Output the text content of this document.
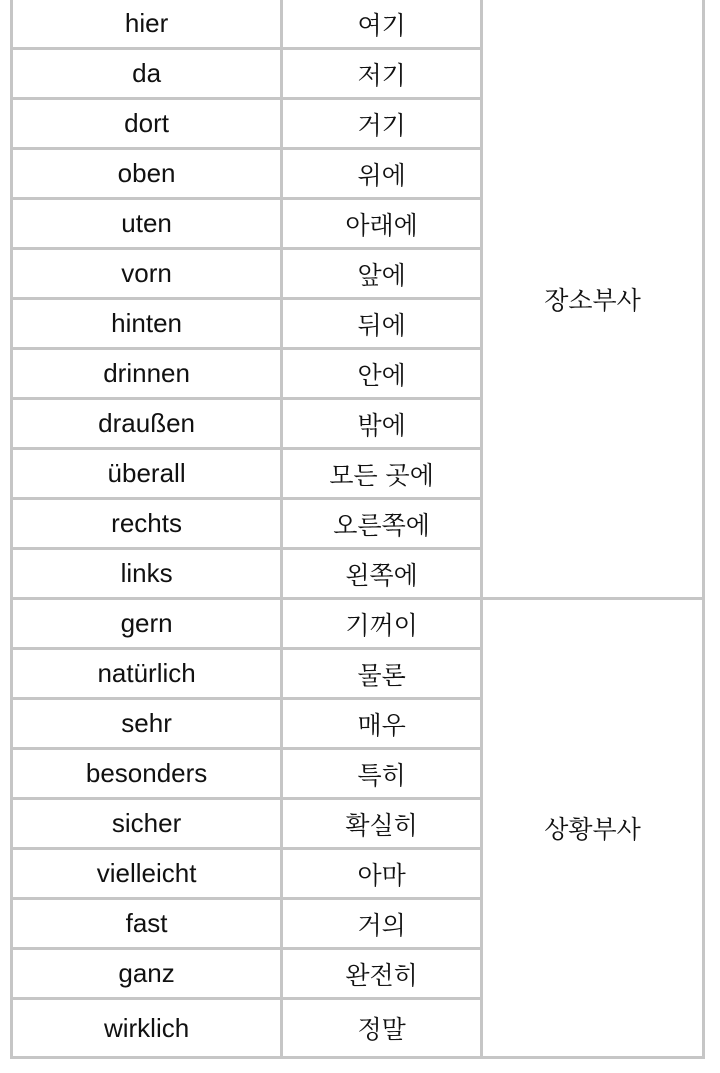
hier	여기	장소부사
da	저기	
dort	거기	
oben	위에	
uten	아래에	
vorn	앞에	
hinten	뒤에	
drinnen	안에	
draußen	밖에	
überall	모든 곳에	
rechts	오른쪽에	
links	왼쪽에	
gern	기꺼이	상황부사
natürlich	물론	
sehr	매우	
besonders	특히	
sicher	확실히	
vielleicht	아마	
fast	거의	
ganz	완전히	
wirklich	정말	
